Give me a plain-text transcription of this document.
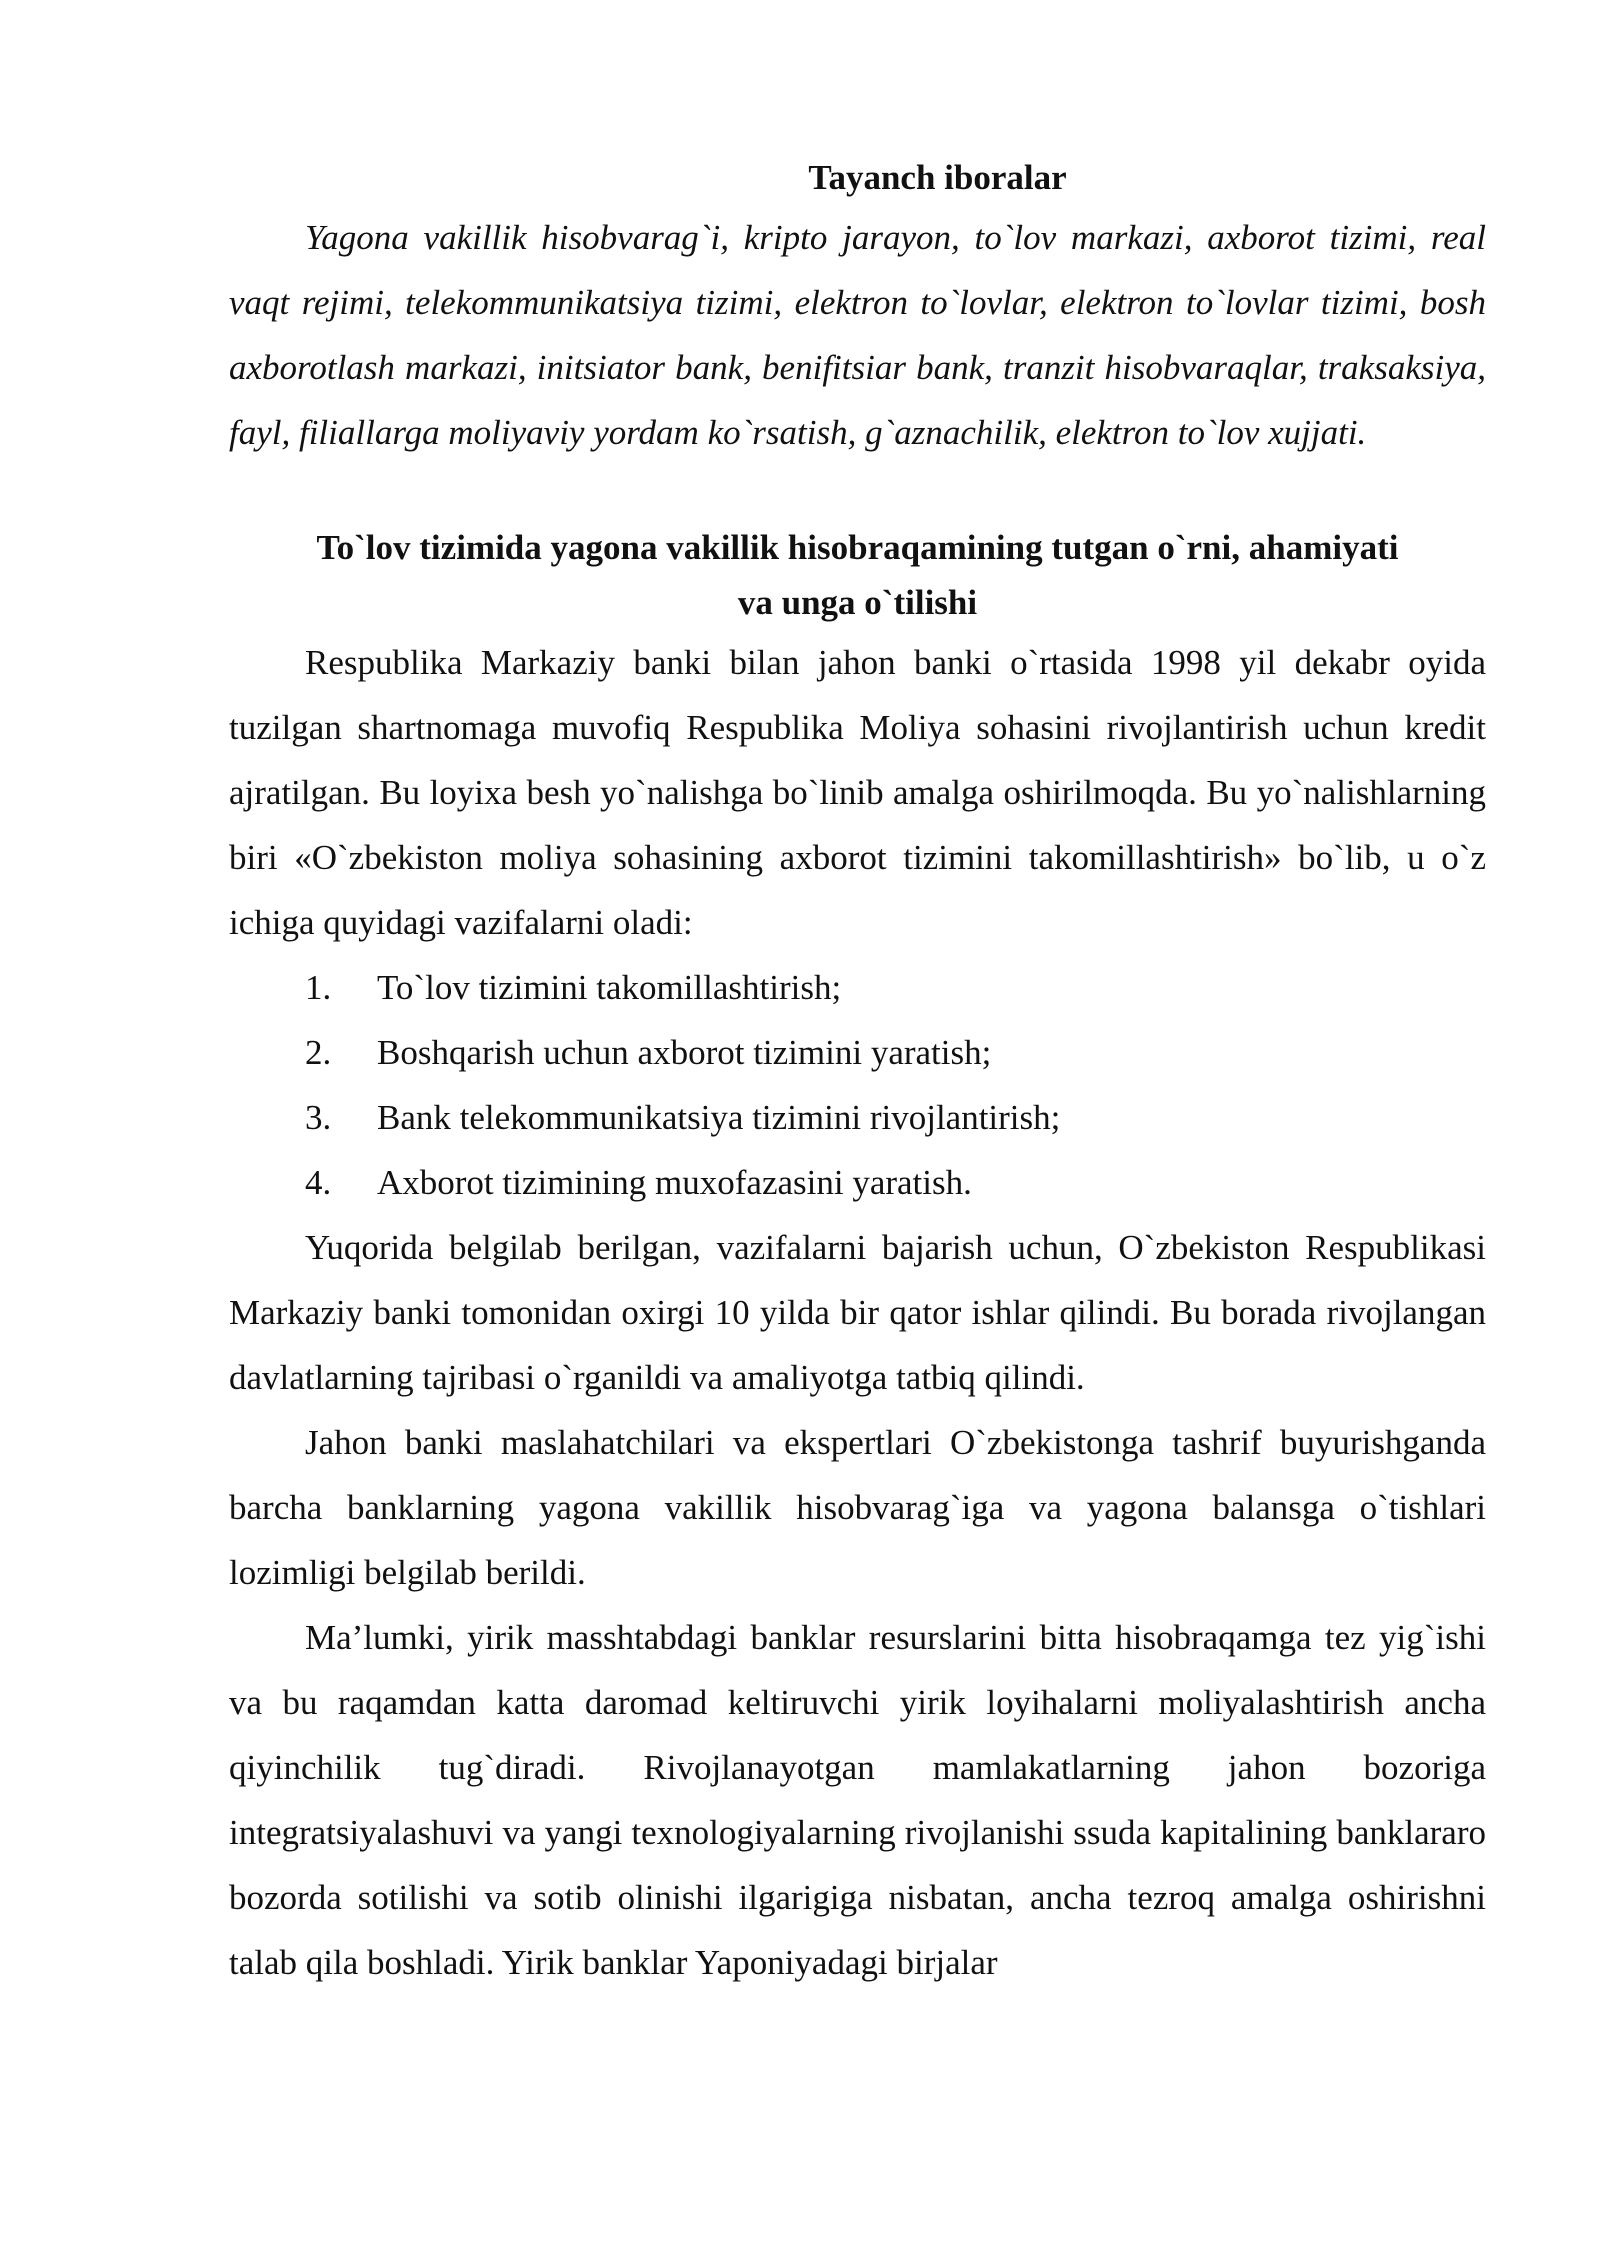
Tayanch iboralar

Yagona vakillik hisobvarag`i, kripto jarayon, to`lov markazi, axborot tizimi, real vaqt rejimi, telekommunikatsiya tizimi, elektron to`lovlar, elektron to`lovlar tizimi, bosh axborotlash markazi, initsiator bank, benifitsiar bank, tranzit hisobvaraqlar, traksaksiya, fayl, filiallarga moliyaviy yordam ko`rsatish, g`aznachilik, elektron to`lov xujjati.

To`lov tizimida yagona vakillik hisobraqamining tutgan o`rni, ahamiyati
va unga o`tilishi

Respublika Markaziy banki bilan jahon banki o`rtasida 1998 yil dekabr oyida tuzilgan shartnomaga muvofiq Respublika Moliya sohasini rivojlantirish uchun kredit ajratilgan. Bu loyixa besh yo`nalishga bo`linib amalga oshirilmoqda. Bu yo`nalishlarning biri «O`zbekiston moliya sohasining axborot tizimini takomillashtirish» bo`lib, u o`z ichiga quyidagi vazifalarni oladi:

1.	To`lov tizimini takomillashtirish;
2.	Boshqarish uchun axborot tizimini yaratish;
3.	Bank telekommunikatsiya tizimini rivojlantirish;
4.	Axborot tizimining muxofazasini yaratish.

Yuqorida belgilab berilgan, vazifalarni bajarish uchun, O`zbekiston Respublikasi Markaziy banki tomonidan oxirgi 10 yilda bir qator ishlar qilindi. Bu borada rivojlangan davlatlarning tajribasi o`rganildi va amaliyotga tatbiq qilindi.

Jahon banki maslahatchilari va ekspertlari O`zbekistonga tashrif buyurishganda barcha banklarning yagona vakillik hisobvarag`iga va yagona balansga o`tishlari lozimligi belgilab berildi.

Ma’lumki, yirik masshtabdagi banklar resurslarini bitta hisobraqamga tez yig`ishi va bu raqamdan katta daromad keltiruvchi yirik loyihalarni moliyalashtirish ancha qiyinchilik tug`diradi. Rivojlanayotgan mamlakatlarning jahon bozoriga integratsiyalashuvi va yangi texnologiyalarning rivojlanishi ssuda kapitalining banklararo bozorda sotilishi va sotib olinishi ilgarigiga nisbatan, ancha tezroq amalga oshirishni talab qila boshladi. Yirik banklar Yaponiyadagi birjalar
